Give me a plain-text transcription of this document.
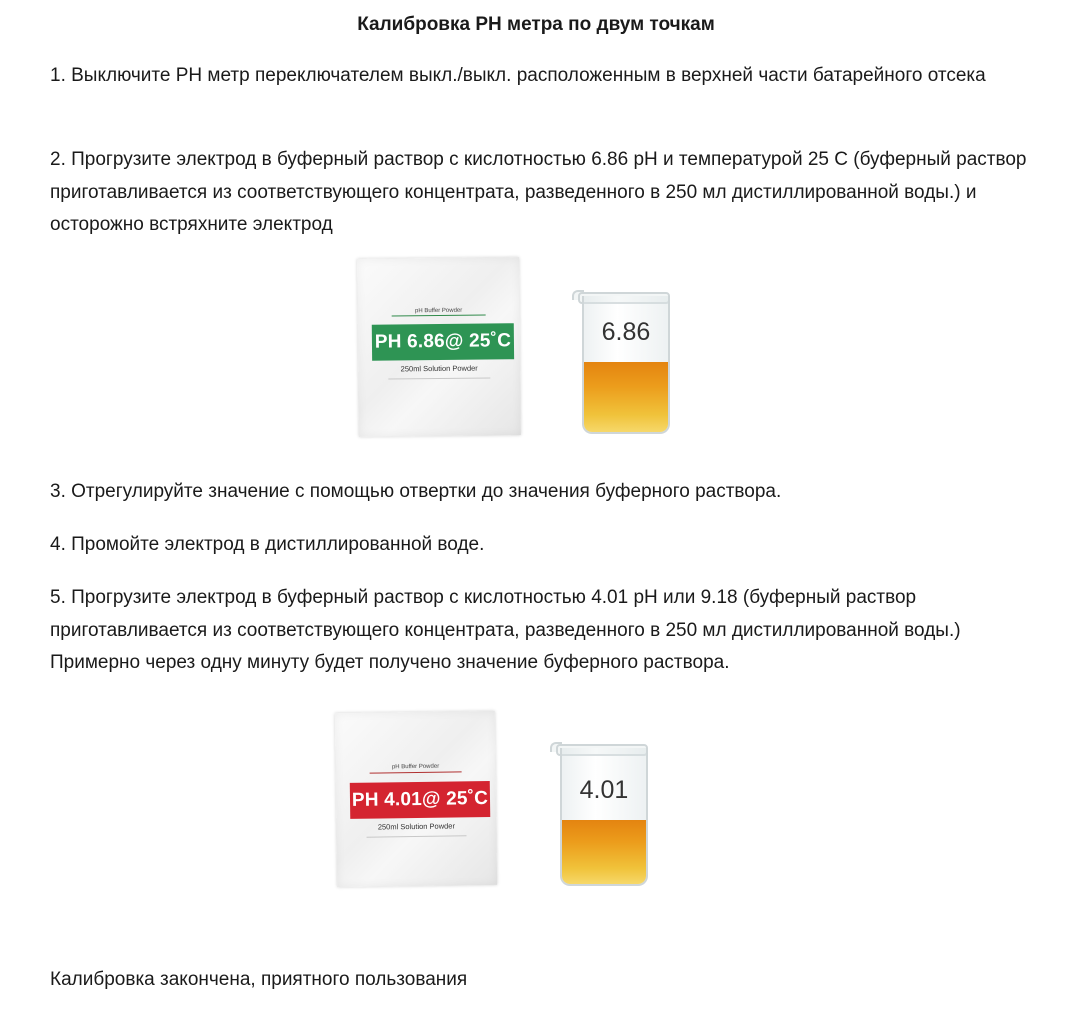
Калибровка PH метра по двум точкам

1. Выключите PH метр переключателем выкл./выкл. расположенным в верхней части батарейного отсека

2. Прогрузите электрод в буферный раствор с кислотностью 6.86 pH и температурой 25 С (буферный раствор приготавливается из соответствующего концентрата, разведенного в 250 мл дистиллированной воды.) и осторожно встряхните электрод

pH Buffer Powder
PH 6.86@ 25˚C
250ml Solution Powder
6.86

3. Отрегулируйте значение с помощью отвертки до значения буферного раствора.

4. Промойте электрод в дистиллированной воде.

5. Прогрузите электрод в буферный раствор с кислотностью 4.01 pH или 9.18 (буферный раствор приготавливается из соответствующего концентрата, разведенного в 250 мл дистиллированной воды.) Примерно через одну минуту будет получено значение буферного раствора.

pH Buffer Powder
PH 4.01@ 25˚C
250ml Solution Powder
4.01

Калибровка закончена, приятного пользования
